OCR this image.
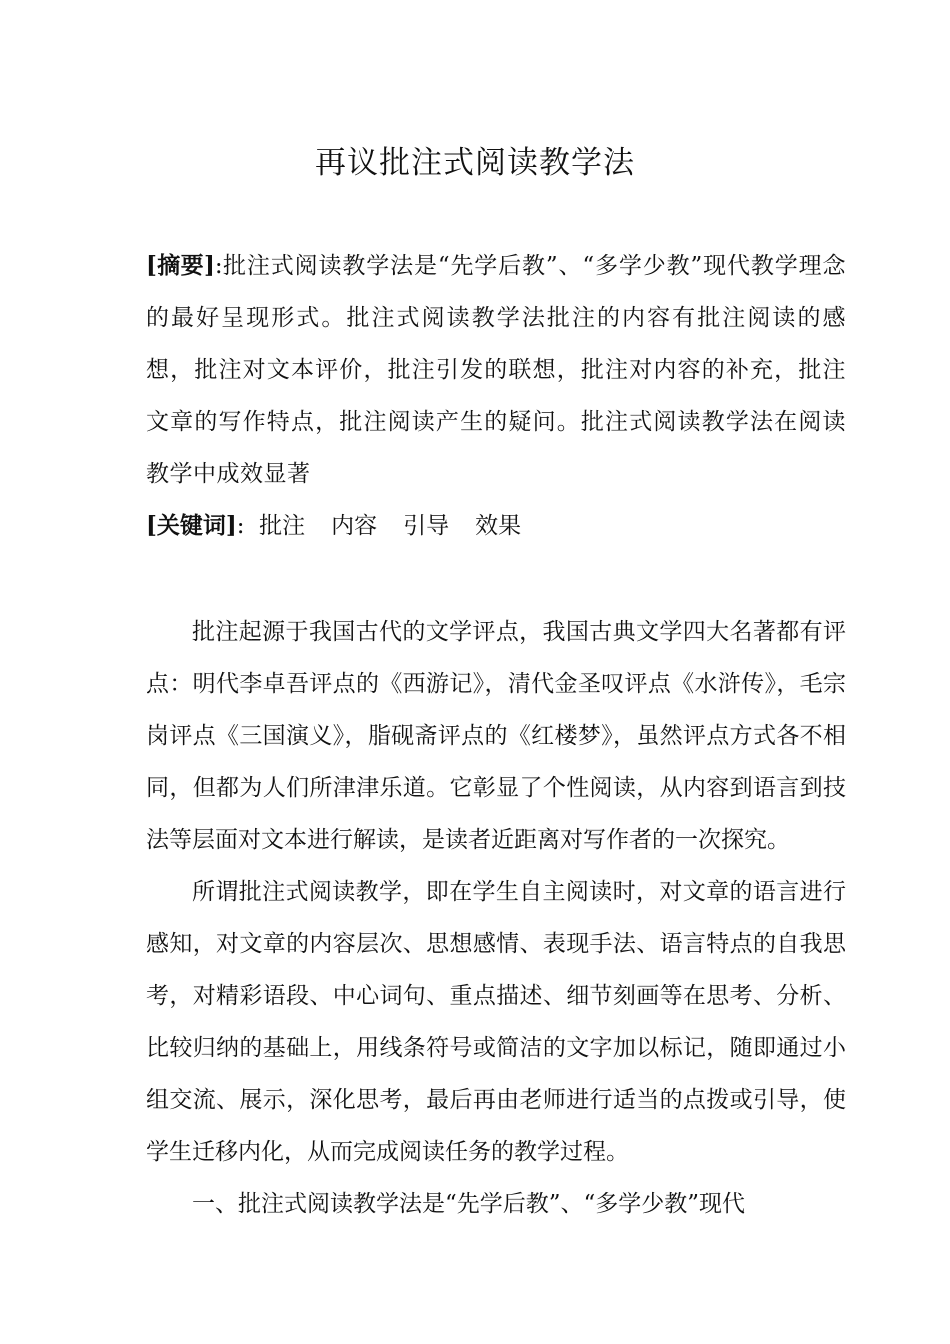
再议批注式阅读教学法

[摘要]:批注式阅读教学法是“先学后教”、“多学少教”现代教学理念的最好呈现形式。批注式阅读教学法批注的内容有批注阅读的感想，批注对文本评价，批注引发的联想，批注对内容的补充，批注文章的写作特点，批注阅读产生的疑问。批注式阅读教学法在阅读教学中成效显著

[关键词]: 批注 内容 引导 效果

批注起源于我国古代的文学评点，我国古典文学四大名著都有评点：明代李卓吾评点的《西游记》，清代金圣叹评点《水浒传》，毛宗岗评点《三国演义》，脂砚斋评点的《红楼梦》，虽然评点方式各不相同，但都为人们所津津乐道。它彰显了个性阅读，从内容到语言到技法等层面对文本进行解读，是读者近距离对写作者的一次探究。

所谓批注式阅读教学，即在学生自主阅读时，对文章的语言进行感知，对文章的内容层次、思想感情、表现手法、语言特点的自我思考，对精彩语段、中心词句、重点描述、细节刻画等在思考、分析、比较归纳的基础上，用线条符号或简洁的文字加以标记，随即通过小组交流、展示，深化思考，最后再由老师进行适当的点拨或引导，使学生迁移内化，从而完成阅读任务的教学过程。

一、批注式阅读教学法是“先学后教”、“多学少教”现代
